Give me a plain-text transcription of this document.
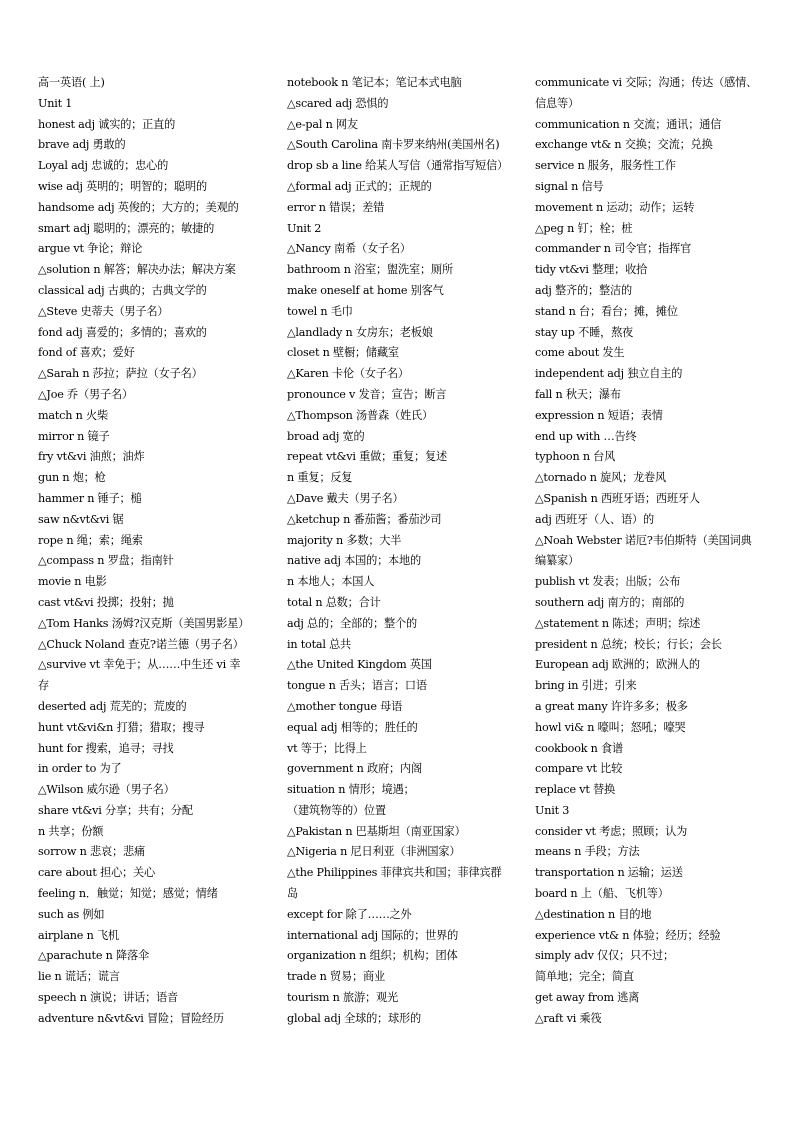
高一英语( 上)
Unit 1
honest adj 诚实的；正直的
brave adj 勇敢的
Loyal adj 忠诚的；忠心的
wise adj 英明的；明智的；聪明的
handsome adj 英俊的；大方的；美观的
smart adj 聪明的；漂亮的；敏捷的
argue vt 争论；辩论
△solution n 解答；解决办法；解决方案
classical adj 古典的；古典文学的
△Steve 史蒂夫（男子名）
fond adj 喜爱的；多情的；喜欢的
fond of 喜欢；爱好
△Sarah n 莎拉；萨拉（女子名）
△Joe 乔（男子名）
match n 火柴
mirror n 镜子
fry vt&vi 油煎；油炸
gun n 炮；枪
hammer n 锤子；槌
saw n&vt&vi 锯
rope n 绳；索；绳索
△compass n 罗盘；指南针
movie n 电影
cast vt&vi 投掷；投射；抛
△Tom Hanks 汤姆?汉克斯（美国男影星）
△Chuck Noland 查克?诺兰德（男子名）
△survive vt 幸免于；从……中生还 vi 幸
存
deserted adj 荒芜的；荒废的
hunt vt&vi&n 打猎；猎取；搜寻
hunt for 搜索，追寻；寻找
in order to 为了
△Wilson 威尔逊（男子名）
share vt&vi 分享；共有；分配
n 共享；份额
sorrow n 悲哀；悲痛
care about 担心；关心
feeling n．触觉；知觉；感觉；情绪
such as 例如
airplane n 飞机
△parachute n 降落伞
lie n 谎话；谎言
speech n 演说；讲话；语音
adventure n&vt&vi 冒险；冒险经历
notebook n 笔记本；笔记本式电脑
△scared adj 恐惧的
△e-pal n 网友
△South Carolina 南卡罗来纳州(美国州名)
drop sb a line 给某人写信（通常指写短信）
△formal adj 正式的；正规的
error n 错误；差错
Unit 2
△Nancy 南希（女子名）
bathroom n 浴室；盥洗室；厕所
make oneself at home 别客气
towel n 毛巾
△landlady n 女房东；老板娘
closet n 壁橱；储藏室
△Karen 卡伦（女子名）
pronounce v 发音；宣告；断言
△Thompson 汤普森（姓氏）
broad adj 宽的
repeat vt&vi 重做；重复；复述
n 重复；反复
△Dave 戴夫（男子名）
△ketchup n 番茄酱；番茄沙司
majority n 多数；大半
native adj 本国的；本地的
n 本地人；本国人
total n 总数；合计
adj 总的；全部的；整个的
in total 总共
△the United Kingdom 英国
tongue n 舌头；语言；口语
△mother tongue 母语
equal adj 相等的；胜任的
vt 等于；比得上
government n 政府；内阁
situation n 情形；境遇；
（建筑物等的）位置
△Pakistan n 巴基斯坦（南亚国家）
△Nigeria n 尼日利亚（非洲国家）
△the Philippines 菲律宾共和国；菲律宾群
岛
except for 除了……之外
international adj 国际的；世界的
organization n 组织；机构；团体
trade n 贸易；商业
tourism n 旅游；观光
global adj 全球的；球形的
communicate vi 交际；沟通；传达（感情、
信息等）
communication n 交流；通讯；通信
exchange vt& n 交换；交流；兑换
service n 服务，服务性工作
signal n 信号
movement n 运动；动作；运转
△peg n 钉；栓；桩
commander n 司令官；指挥官
tidy vt&vi 整理；收拾
adj 整齐的；整洁的
stand n 台；看台；摊，摊位
stay up 不睡，熬夜
come about 发生
independent adj 独立自主的
fall n 秋天；瀑布
expression n 短语；表情
end up with …告终
typhoon n 台风
△tornado n 旋风；龙卷风
△Spanish n 西班牙语；西班牙人
adj 西班牙（人、语）的
△Noah Webster 诺厄?韦伯斯特（美国词典
编纂家）
publish vt 发表；出版；公布
southern adj 南方的；南部的
△statement n 陈述；声明；综述
president n 总统；校长；行长；会长
European adj 欧洲的；欧洲人的
bring in 引进；引来
a great many 许许多多；极多
howl vi& n 嚎叫；怒吼；嚎哭
cookbook n 食谱
compare vt 比较
replace vt 替换
Unit 3
consider vt 考虑；照顾；认为
means n 手段；方法
transportation n 运输；运送
board n 上（船、飞机等）
△destination n 目的地
experience vt& n 体验；经历；经验
simply adv 仅仅；只不过；
简单地；完全；简直
get away from 逃离
△raft vi 乘筏
